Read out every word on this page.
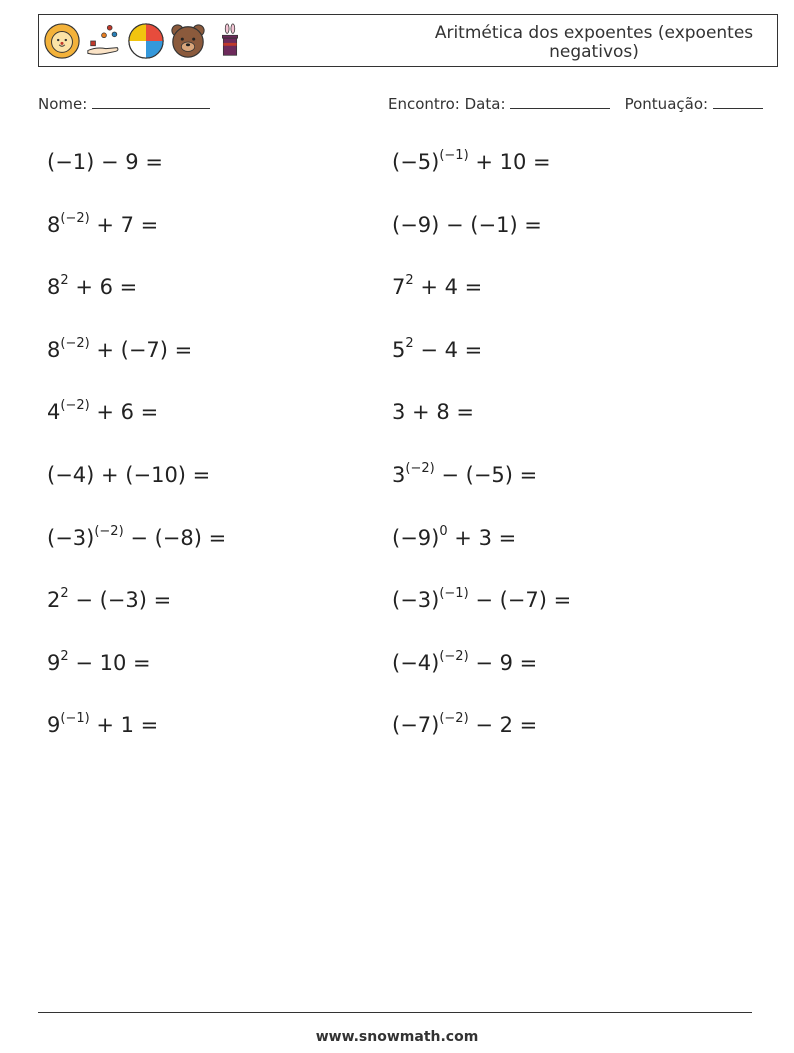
Aritmética dos expoentes (expoentes negativos)
Nome:	Encontro: Data:	Pontuação:
(−1) − 9 =	$(-5)^{(-1)} + 10$ =
$8^{(-2)} + 7$ =	(−9) − (−1) =
$8^2 + 6$ =	$7^2 + 4$ =
$8^{(-2)} + (-7)$ =	$5^2 - 4$ =
$4^{(-2)} + 6$ =	3 + 8 =
(−4) + (−10) =	$3^{(-2)} - (-5)$ =
$(-3)^{(-2)} - (-8)$ =	$(-9)^0 + 3$ =
$2^2 - (-3)$ =	$(-3)^{(-1)} - (-7)$ =
$9^2 - 10$ =	$(-4)^{(-2)} - 9$ =
$9^{(-1)} + 1$ =	$(-7)^{(-2)} - 2$ =
www.snowmath.com
